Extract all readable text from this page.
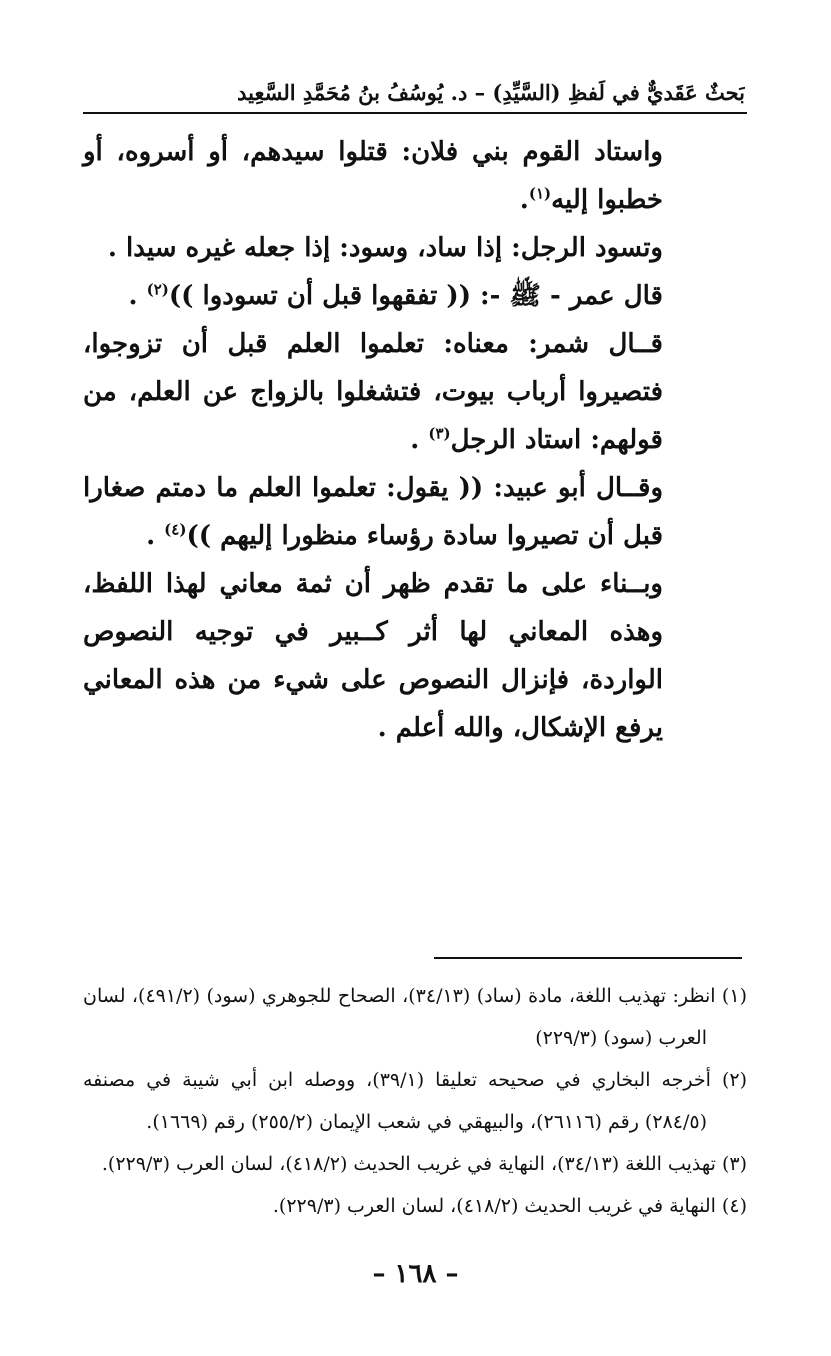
بَحثٌ عَقَديٌّ في لَفظِ (السَّيِّدِ) – د. يُوسُفُ بنُ مُحَمَّدِ السَّعِيد

واستاد القوم بني فلان: قتلوا سيدهم، أو أسروه، أو خطبوا إليه$^{(١)}$.

وتسود الرجل: إذا ساد، وسود: إذا جعله غيره سيدا .

قال عمر - ﷺ -: (( تفقهوا قبل أن تسودوا ))$^{(٢)}$ .

قــال شمر: معناه: تعلموا العلم قبل أن تزوجوا، فتصيروا أرباب بيوت، فتشغلوا بالزواج عن العلم، من قولهم: استاد الرجل$^{(٣)}$ .

وقــال أبو عبيد: (( يقول: تعلموا العلم ما دمتم صغارا قبل أن تصيروا سادة رؤساء منظورا إليهم ))$^{(٤)}$ .

وبــناء على ما تقدم ظهر أن ثمة معاني لهذا اللفظ، وهذه المعاني لها أثر كــبير في توجيه النصوص الواردة، فإنزال النصوص على شيء من هذه المعاني يرفع الإشكال، والله أعلم .

(١) انظر: تهذيب اللغة، مادة (ساد) (٣٤/١٣)، الصحاح للجوهري (سود) (٤٩١/٢)، لسان العرب (سود) (٢٢٩/٣)

(٢) أخرجه البخاري في صحيحه تعليقا (٣٩/١)، ووصله ابن أبي شيبة في مصنفه (٢٨٤/٥) رقم (٢٦١١٦)، والبيهقي في شعب الإيمان (٢٥٥/٢) رقم (١٦٦٩).

(٣) تهذيب اللغة (٣٤/١٣)، النهاية في غريب الحديث (٤١٨/٢)، لسان العرب (٢٢٩/٣).

(٤) النهاية في غريب الحديث (٤١٨/٢)، لسان العرب (٢٢٩/٣).

– ١٦٨ –
